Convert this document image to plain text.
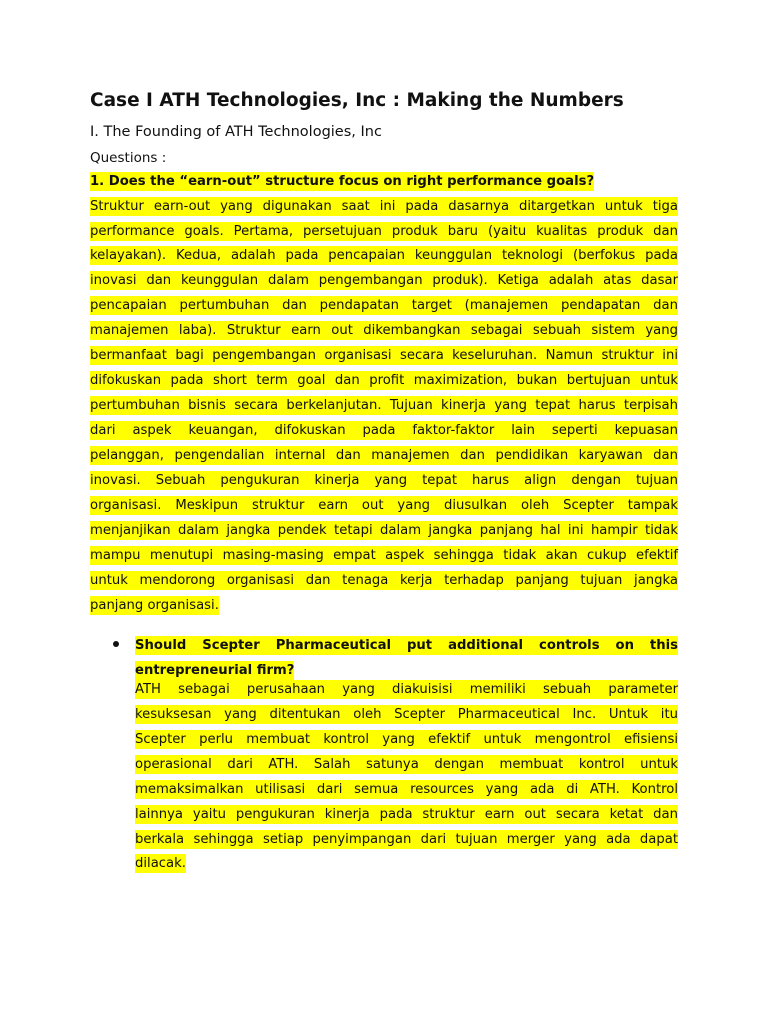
Case I ATH Technologies, Inc : Making the Numbers
I. The Founding of ATH Technologies, Inc
Questions :
1. Does the “earn-out” structure focus on right performance goals?
Struktur earn-out yang digunakan saat ini pada dasarnya ditargetkan untuk tiga
performance goals. Pertama, persetujuan produk baru (yaitu kualitas produk dan
kelayakan). Kedua, adalah pada pencapaian keunggulan teknologi (berfokus pada
inovasi dan keunggulan dalam pengembangan produk). Ketiga adalah atas dasar
pencapaian pertumbuhan dan pendapatan target (manajemen pendapatan dan
manajemen laba). Struktur earn out dikembangkan sebagai sebuah sistem yang
bermanfaat bagi pengembangan organisasi secara keseluruhan. Namun struktur ini
difokuskan pada short term goal dan profit maximization, bukan bertujuan untuk
pertumbuhan bisnis secara berkelanjutan. Tujuan kinerja yang tepat harus terpisah
dari aspek keuangan, difokuskan pada faktor-faktor lain seperti kepuasan
pelanggan, pengendalian internal dan manajemen dan pendidikan karyawan dan
inovasi. Sebuah pengukuran kinerja yang tepat harus align dengan tujuan
organisasi. Meskipun struktur earn out yang diusulkan oleh Scepter tampak
menjanjikan dalam jangka pendek tetapi dalam jangka panjang hal ini hampir tidak
mampu menutupi masing-masing empat aspek sehingga tidak akan cukup efektif
untuk mendorong organisasi dan tenaga kerja terhadap panjang tujuan jangka
panjang organisasi.
Should Scepter Pharmaceutical put additional controls on this
entrepreneurial firm?
ATH sebagai perusahaan yang diakuisisi memiliki sebuah parameter
kesuksesan yang ditentukan oleh Scepter Pharmaceutical Inc. Untuk itu
Scepter perlu membuat kontrol yang efektif untuk mengontrol efisiensi
operasional dari ATH. Salah satunya dengan membuat kontrol untuk
memaksimalkan utilisasi dari semua resources yang ada di ATH. Kontrol
lainnya yaitu pengukuran kinerja pada struktur earn out secara ketat dan
berkala sehingga setiap penyimpangan dari tujuan merger yang ada dapat
dilacak.
